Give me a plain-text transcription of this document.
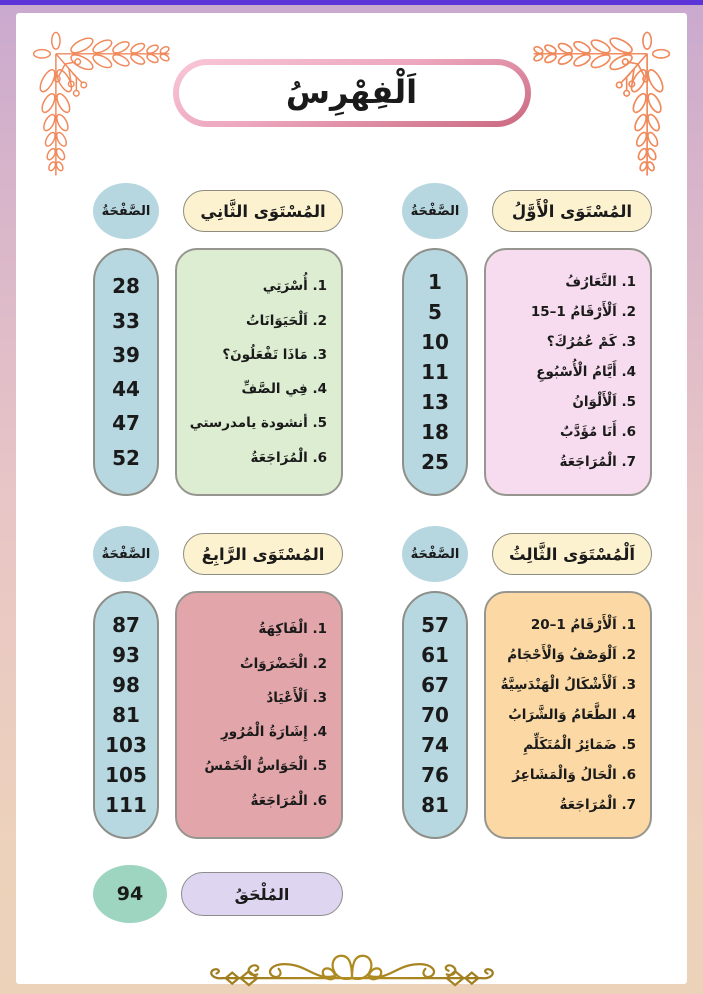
اَلْفِهْرِسُ
المُسْتَوَى الْأَوَّلُ
الصَّفْحَةُ
1. التَّعَارُفُ
2. اَلْأَرْقَامُ 1–15
3. كَمْ عُمُرُكَ؟
4. أَيَّامُ الْأُسْبُوعِ
5. اَلْأَلْوَانُ
6. أَنَا مُؤَدَّبٌ
7. الْمُرَاجَعَةُ
1
5
10
11
13
18
25
المُسْتَوَى الثَّانِي
الصَّفْحَةُ
1. أُسْرَتِي
2. اَلْحَيَوَانَاتُ
3. مَاذَا تَفْعَلُونَ؟
4. فِي الصَّفِّ
5. أنشودة يامدرستي
6. الْمُرَاجَعَةُ
28
33
39
44
47
52
اَلْمُسْتَوَى الثَّالِثُ
الصَّفْحَةُ
1. اَلْأَرْقَامُ 1–20
2. اَلْوَصْفُ وَالْأَحْجَامُ
3. اَلْأَشْكَالُ الْهَنْدَسِيَّةُ
4. الطَّعَامُ وَالشَّرَابُ
5. ضَمَائِرُ الْمُتَكَلِّمِ
6. الْحَالُ وَالْمَشَاعِرُ
7. الْمُرَاجَعَةُ
57
61
67
70
74
76
81
المُسْتَوَى الرَّابِعُ
الصَّفْحَةُ
1. الْفَاكِهَةُ
2. الْخَضْرَوَاتُ
3. اَلْأَعْيَادُ
4. إِشَارَةُ الْمُرُورِ
5. الْحَوَاسُّ الْخَمْسُ
6. الْمُرَاجَعَةُ
87
93
98
81
103
105
111
المُلْحَقُ
94
